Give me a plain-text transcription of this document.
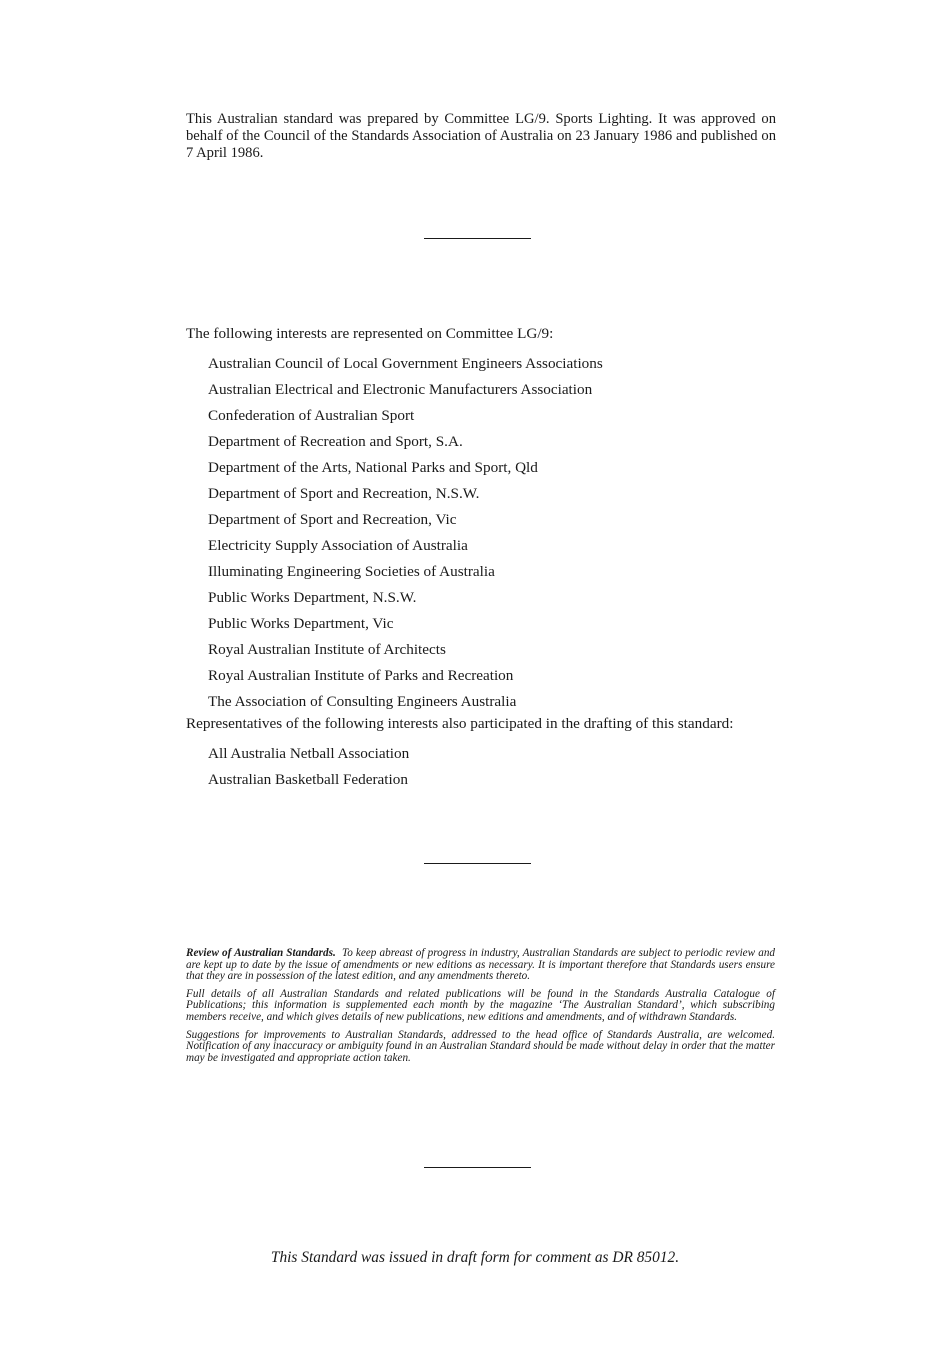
This Australian standard was prepared by Committee LG/9. Sports Lighting. It was approved on behalf of the Council of the Standards Association of Australia on 23 January 1986 and published on 7 April 1986.

The following interests are represented on Committee LG/9:

Australian Council of Local Government Engineers Associations
Australian Electrical and Electronic Manufacturers Association
Confederation of Australian Sport
Department of Recreation and Sport, S.A.
Department of the Arts, National Parks and Sport, Qld
Department of Sport and Recreation, N.S.W.
Department of Sport and Recreation, Vic
Electricity Supply Association of Australia
Illuminating Engineering Societies of Australia
Public Works Department, N.S.W.
Public Works Department, Vic
Royal Australian Institute of Architects
Royal Australian Institute of Parks and Recreation
The Association of Consulting Engineers Australia

Representatives of the following interests also participated in the drafting of this standard:

All Australia Netball Association
Australian Basketball Federation

Review of Australian Standards. To keep abreast of progress in industry, Australian Standards are subject to periodic review and are kept up to date by the issue of amendments or new editions as necessary. It is important therefore that Standards users ensure that they are in possession of the latest edition, and any amendments thereto.

Full details of all Australian Standards and related publications will be found in the Standards Australia Catalogue of Publications; this information is supplemented each month by the magazine ‘The Australian Standard’, which subscribing members receive, and which gives details of new publications, new editions and amendments, and of withdrawn Standards.

Suggestions for improvements to Australian Standards, addressed to the head office of Standards Australia, are welcomed. Notification of any inaccuracy or ambiguity found in an Australian Standard should be made without delay in order that the matter may be investigated and appropriate action taken.

This Standard was issued in draft form for comment as DR 85012.
